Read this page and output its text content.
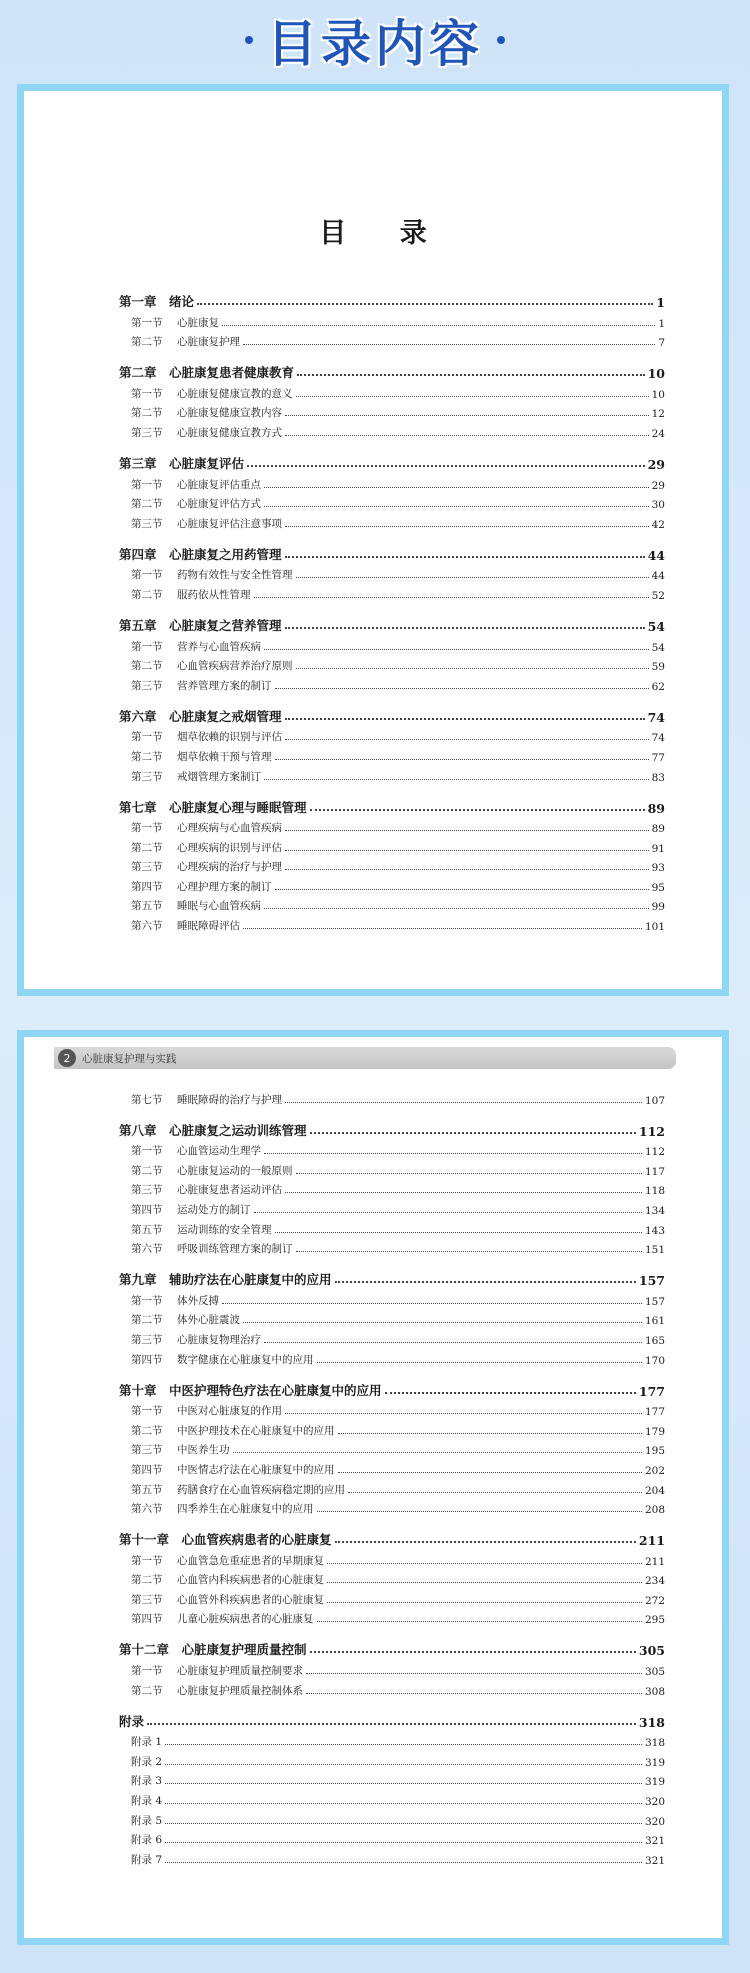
目录内容
目 录
第一章　绪论	1
第一节	心脏康复	1
第二节	心脏康复护理	7
第二章　心脏康复患者健康教育	10
第一节	心脏康复健康宣教的意义	10
第二节	心脏康复健康宣教内容	12
第三节	心脏康复健康宣教方式	24
第三章　心脏康复评估	29
第一节	心脏康复评估重点	29
第二节	心脏康复评估方式	30
第三节	心脏康复评估注意事项	42
第四章　心脏康复之用药管理	44
第一节	药物有效性与安全性管理	44
第二节	服药依从性管理	52
第五章　心脏康复之营养管理	54
第一节	营养与心血管疾病	54
第二节	心血管疾病营养治疗原则	59
第三节	营养管理方案的制订	62
第六章　心脏康复之戒烟管理	74
第一节	烟草依赖的识别与评估	74
第二节	烟草依赖干预与管理	77
第三节	戒烟管理方案制订	83
第七章　心脏康复心理与睡眠管理	89
第一节	心理疾病与心血管疾病	89
第二节	心理疾病的识别与评估	91
第三节	心理疾病的治疗与护理	93
第四节	心理护理方案的制订	95
第五节	睡眠与心血管疾病	99
第六节	睡眠障碍评估	101
2	心脏康复护理与实践
第七节	睡眠障碍的治疗与护理	107
第八章　心脏康复之运动训练管理	112
第一节	心血管运动生理学	112
第二节	心脏康复运动的一般原则	117
第三节	心脏康复患者运动评估	118
第四节	运动处方的制订	134
第五节	运动训练的安全管理	143
第六节	呼吸训练管理方案的制订	151
第九章　辅助疗法在心脏康复中的应用	157
第一节	体外反搏	157
第二节	体外心脏震波	161
第三节	心脏康复物理治疗	165
第四节	数字健康在心脏康复中的应用	170
第十章　中医护理特色疗法在心脏康复中的应用	177
第一节	中医对心脏康复的作用	177
第二节	中医护理技术在心脏康复中的应用	179
第三节	中医养生功	195
第四节	中医情志疗法在心脏康复中的应用	202
第五节	药膳食疗在心血管疾病稳定期的应用	204
第六节	四季养生在心脏康复中的应用	208
第十一章　心血管疾病患者的心脏康复	211
第一节	心血管急危重症患者的早期康复	211
第二节	心血管内科疾病患者的心脏康复	234
第三节	心血管外科疾病患者的心脏康复	272
第四节	儿童心脏疾病患者的心脏康复	295
第十二章　心脏康复护理质量控制	305
第一节	心脏康复护理质量控制要求	305
第二节	心脏康复护理质量控制体系	308
附录	318
附录 1	318
附录 2	319
附录 3	319
附录 4	320
附录 5	320
附录 6	321
附录 7	321
